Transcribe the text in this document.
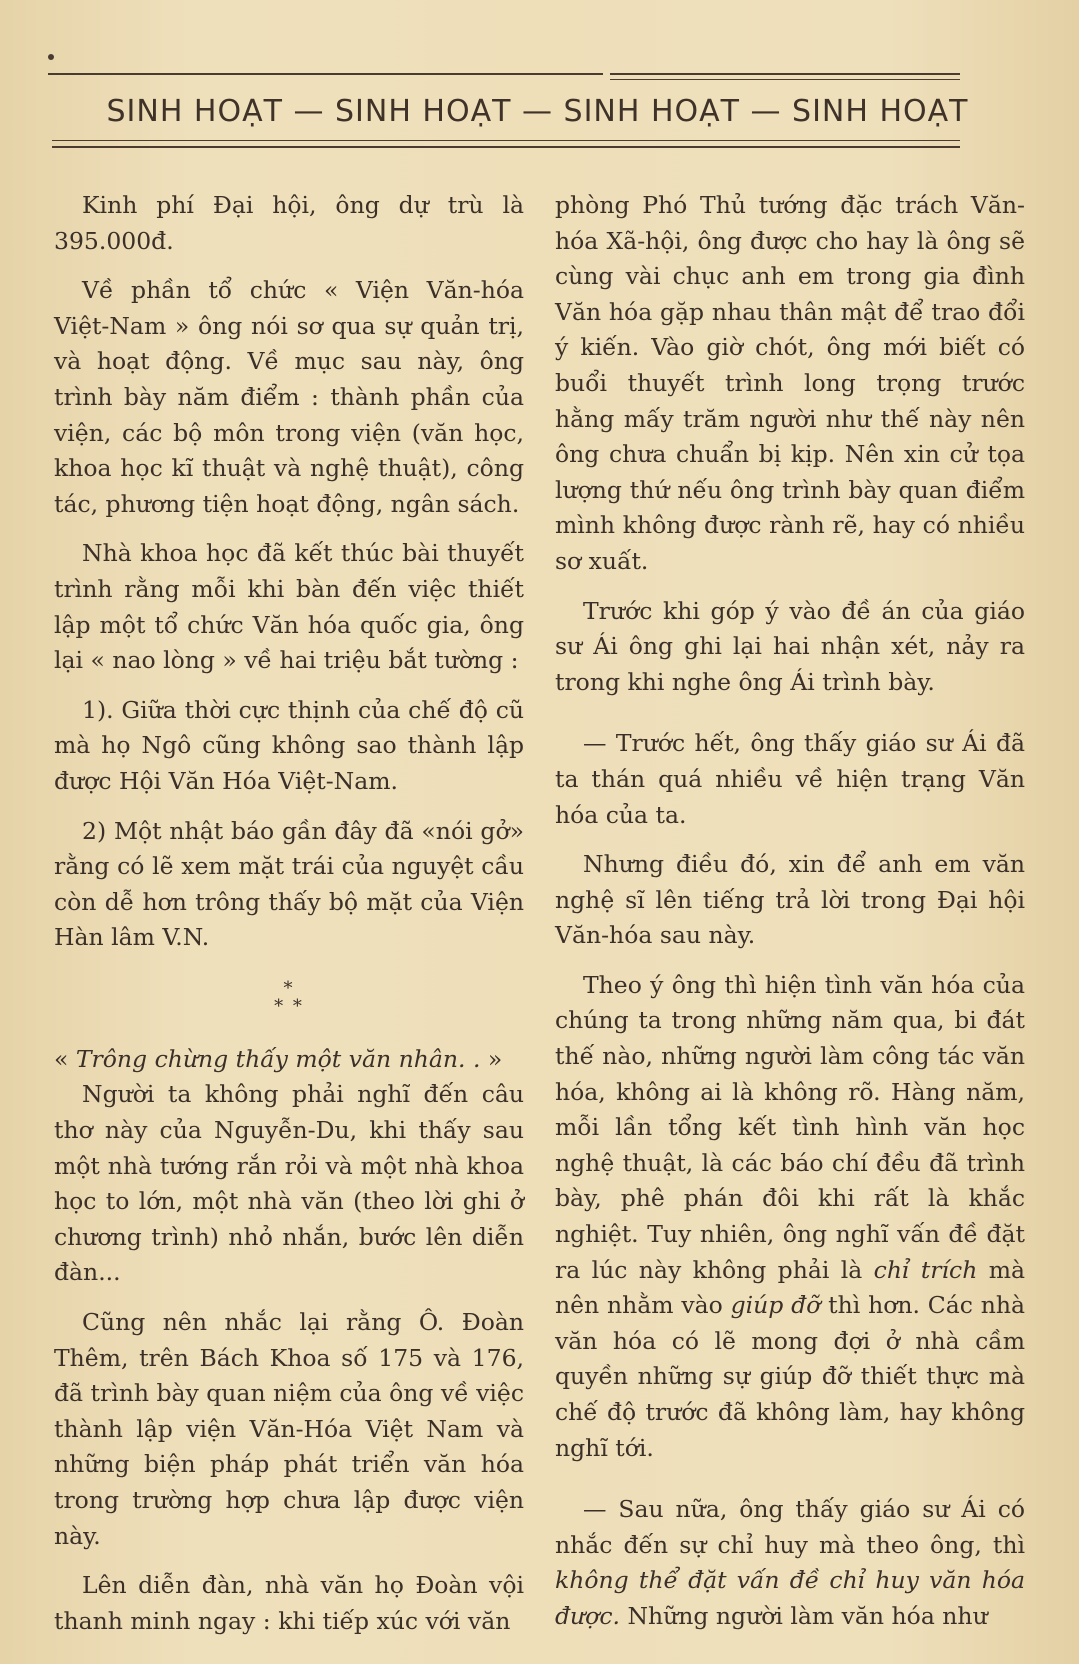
SINH HOẠT — SINH HOẠT — SINH HOẠT — SINH HOẠT

Kinh phí Đại hội, ông dự trù là 395.000đ.

Về phần tổ chức « Viện Văn-hóa Việt-Nam » ông nói sơ qua sự quản trị, và hoạt động. Về mục sau này, ông trình bày năm điểm : thành phần của viện, các bộ môn trong viện (văn học, khoa học kĩ thuật và nghệ thuật), công tác, phương tiện hoạt động, ngân sách.

Nhà khoa học đã kết thúc bài thuyết trình rằng mỗi khi bàn đến việc thiết lập một tổ chức Văn hóa quốc gia, ông lại « nao lòng » về hai triệu bắt tường :

1). Giữa thời cực thịnh của chế độ cũ mà họ Ngô cũng không sao thành lập được Hội Văn Hóa Việt-Nam.

2) Một nhật báo gần đây đã «nói gở» rằng có lẽ xem mặt trái của nguyệt cầu còn dễ hơn trông thấy bộ mặt của Viện Hàn lâm V.N.

*
* *

« Trông chừng thấy một văn nhân. . »

Người ta không phải nghĩ đến câu thơ này của Nguyễn-Du, khi thấy sau một nhà tướng rắn rỏi và một nhà khoa học to lớn, một nhà văn (theo lời ghi ở chương trình) nhỏ nhắn, bước lên diễn đàn...

Cũng nên nhắc lại rằng Ô. Đoàn Thêm, trên Bách Khoa số 175 và 176, đã trình bày quan niệm của ông về việc thành lập viện Văn-Hóa Việt Nam và những biện pháp phát triển văn hóa trong trường hợp chưa lập được viện này.

Lên diễn đàn, nhà văn họ Đoàn vội thanh minh ngay : khi tiếp xúc với văn

phòng Phó Thủ tướng đặc trách Văn-hóa Xã-hội, ông được cho hay là ông sẽ cùng vài chục anh em trong gia đình Văn hóa gặp nhau thân mật để trao đổi ý kiến. Vào giờ chót, ông mới biết có buổi thuyết trình long trọng trước hằng mấy trăm người như thế này nên ông chưa chuẩn bị kịp. Nên xin cử tọa lượng thứ nếu ông trình bày quan điểm mình không được rành rẽ, hay có nhiều sơ xuất.

Trước khi góp ý vào đề án của giáo sư Ái ông ghi lại hai nhận xét, nảy ra trong khi nghe ông Ái trình bày.

— Trước hết, ông thấy giáo sư Ái đã ta thán quá nhiều về hiện trạng Văn hóa của ta.

Nhưng điều đó, xin để anh em văn nghệ sĩ lên tiếng trả lời trong Đại hội Văn-hóa sau này.

Theo ý ông thì hiện tình văn hóa của chúng ta trong những năm qua, bi đát thế nào, những người làm công tác văn hóa, không ai là không rõ. Hàng năm, mỗi lần tổng kết tình hình văn học nghệ thuật, là các báo chí đều đã trình bày, phê phán đôi khi rất là khắc nghiệt. Tuy nhiên, ông nghĩ vấn đề đặt ra lúc này không phải là chỉ trích mà nên nhằm vào giúp đỡ thì hơn. Các nhà văn hóa có lẽ mong đợi ở nhà cầm quyền những sự giúp đỡ thiết thực mà chế độ trước đã không làm, hay không nghĩ tới.

— Sau nữa, ông thấy giáo sư Ái có nhắc đến sự chỉ huy mà theo ông, thì không thể đặt vấn đề chỉ huy văn hóa được. Những người làm văn hóa như
